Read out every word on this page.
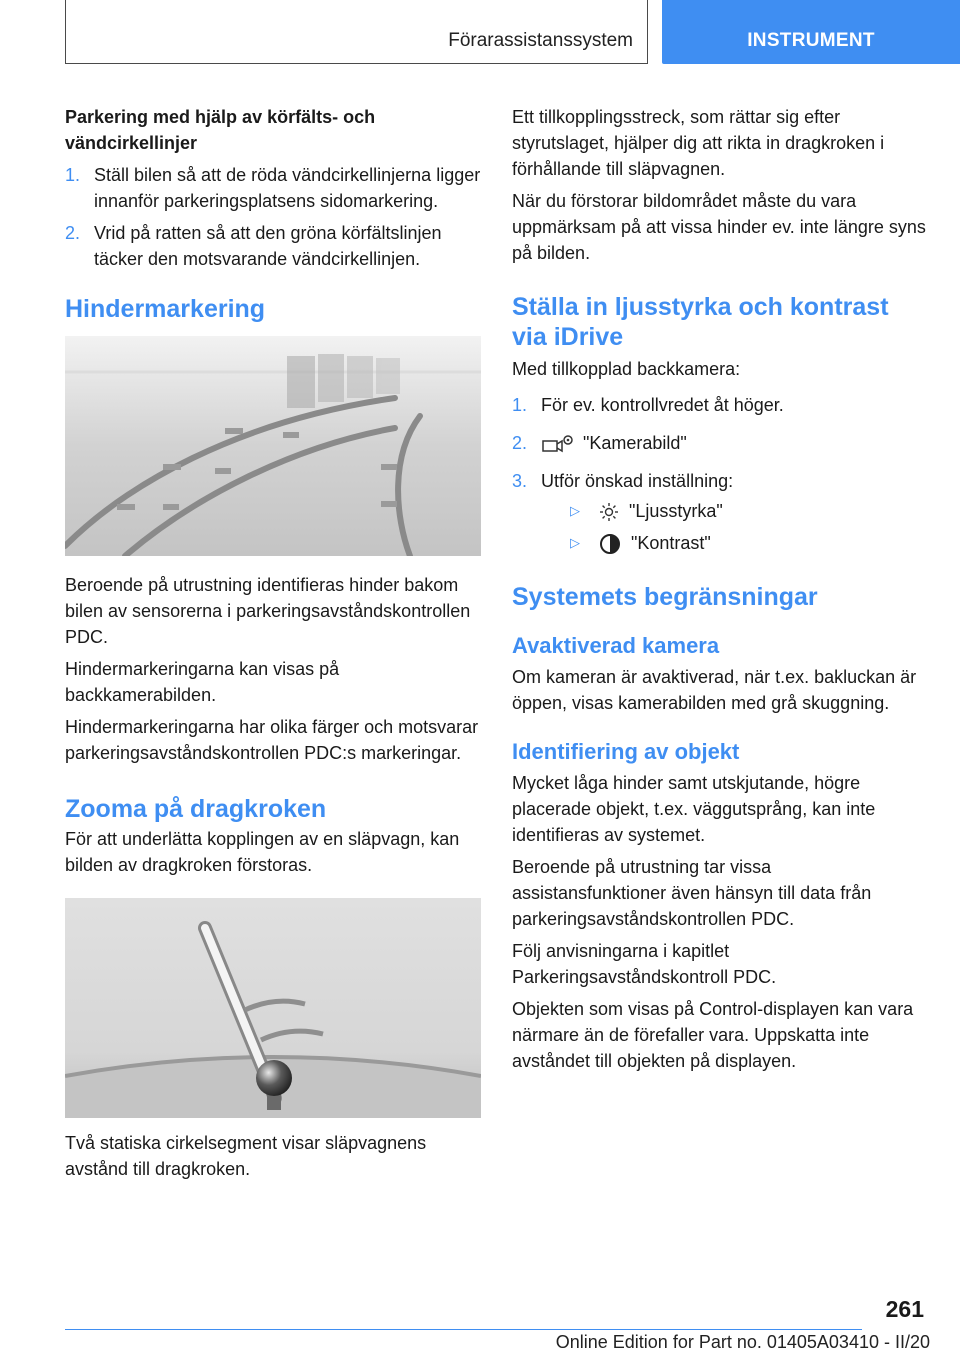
Förarassistanssystem	INSTRUMENT

Parkering med hjälp av körfälts- och vändcirkellinjer

1. Ställ bilen så att de röda vändcirkellinjerna ligger innanför parkeringsplatsens sidomarkering.
2. Vrid på ratten så att den gröna körfältslinjen täcker den motsvarande vändcirkellinjen.
Hindermarkering

Beroende på utrustning identifieras hinder bakom bilen av sensorerna i parkeringsavståndskontrollen PDC.

Hindermarkeringarna kan visas på backkamerabilden.

Hindermarkeringarna har olika färger och motsvarar parkeringsavståndskontrollen PDC:s markeringar.

Zooma på dragkroken

För att underlätta kopplingen av en släpvagn, kan bilden av dragkroken förstoras.

Två statiska cirkelsegment visar släpvagnens avstånd till dragkroken.

Ett tillkopplingsstreck, som rättar sig efter styrutslaget, hjälper dig att rikta in dragkroken i förhållande till släpvagnen.

När du förstorar bildområdet måste du vara uppmärksam på att vissa hinder ev. inte längre syns på bilden.

Ställa in ljusstyrka och kontrast via iDrive

Med tillkopplad backkamera:

1. För ev. kontrollvredet åt höger.
2.	"Kamerabild"
3. Utför önskad inställning:
▷	"Ljusstyrka"
▷	"Kontrast"
Systemets begränsningar
Avaktiverad kamera

Om kameran är avaktiverad, när t.ex. bakluckan är öppen, visas kamerabilden med grå skuggning.

Identifiering av objekt

Mycket låga hinder samt utskjutande, högre placerade objekt, t.ex. väggutsprång, kan inte identifieras av systemet.

Beroende på utrustning tar vissa assistansfunktioner även hänsyn till data från parkeringsavståndskontrollen PDC.

Följ anvisningarna i kapitlet Parkeringsavståndskontroll PDC.

Objekten som visas på Control-displayen kan vara närmare än de förefaller vara. Uppskatta inte avståndet till objekten på displayen.

261
Online Edition for Part no. 01405A03410 - II/20
